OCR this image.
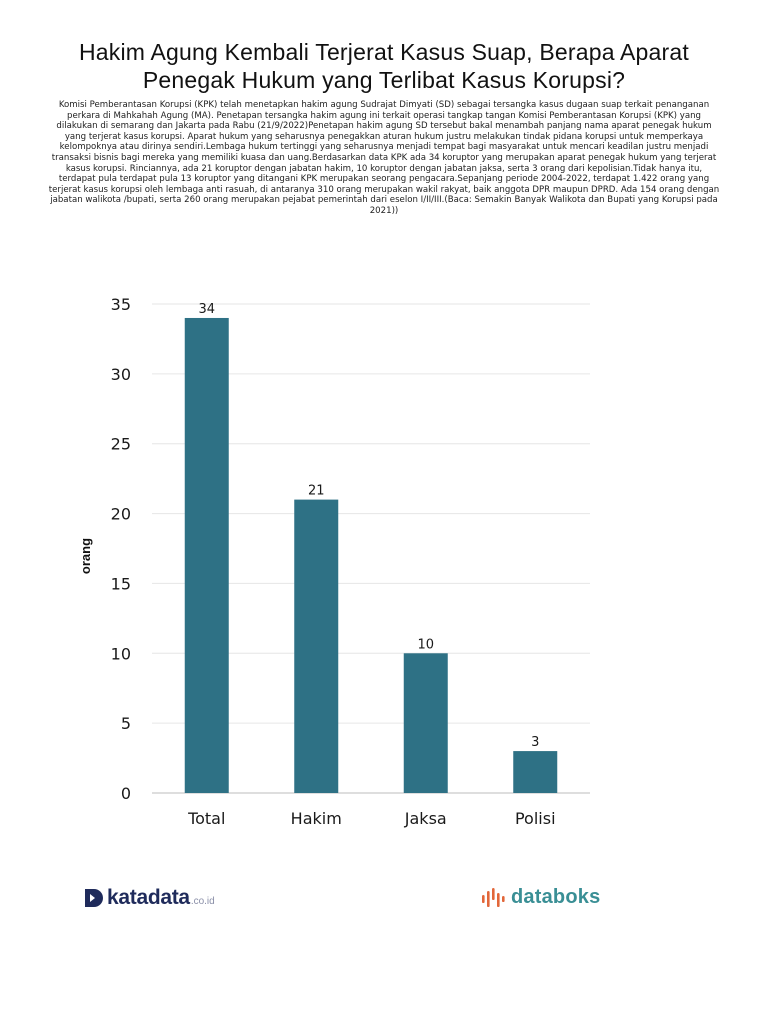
Hakim Agung Kembali Terjerat Kasus Suap, Berapa Aparat Penegak Hukum yang Terlibat Kasus Korupsi?

Komisi Pemberantasan Korupsi (KPK) telah menetapkan hakim agung Sudrajat Dimyati (SD) sebagai tersangka kasus dugaan suap terkait penanganan perkara di Mahkahah Agung (MA). Penetapan tersangka hakim agung ini terkait operasi tangkap tangan Komisi Pemberantasan Korupsi (KPK) yang dilakukan di semarang dan Jakarta pada Rabu (21/9/2022)Penetapan hakim agung SD tersebut bakal menambah panjang nama aparat penegak hukum yang terjerat kasus korupsi. Aparat hukum yang seharusnya penegakkan aturan hukum justru melakukan tindak pidana korupsi untuk memperkaya kelompoknya atau dirinya sendiri.Lembaga hukum tertinggi yang seharusnya menjadi tempat bagi masyarakat untuk mencari keadilan justru menjadi transaksi bisnis bagi mereka yang memiliki kuasa dan uang.Berdasarkan data KPK ada 34 koruptor yang merupakan aparat penegak hukum yang terjerat kasus korupsi. Rinciannya, ada 21 koruptor dengan jabatan hakim, 10 koruptor dengan jabatan jaksa, serta 3 orang dari kepolisian.Tidak hanya itu, terdapat pula terdapat pula 13 koruptor yang ditangani KPK merupakan seorang pengacara.Sepanjang periode 2004-2022, terdapat 1.422 orang yang terjerat kasus korupsi oleh lembaga anti rasuah, di antaranya 310 orang merupakan wakil rakyat, baik anggota DPR maupun DPRD. Ada 154 orang dengan jabatan walikota /bupati, serta 260 orang merupakan pejabat pemerintah dari eselon I/II/III.(Baca: Semakin Banyak Walikota dan Bupati yang Korupsi pada 2021))

0
5
10
15
20
25
30
35
orang
34
21
10
3
Total	Hakim	Jaksa	Polisi
katadata .co.id	databoks
